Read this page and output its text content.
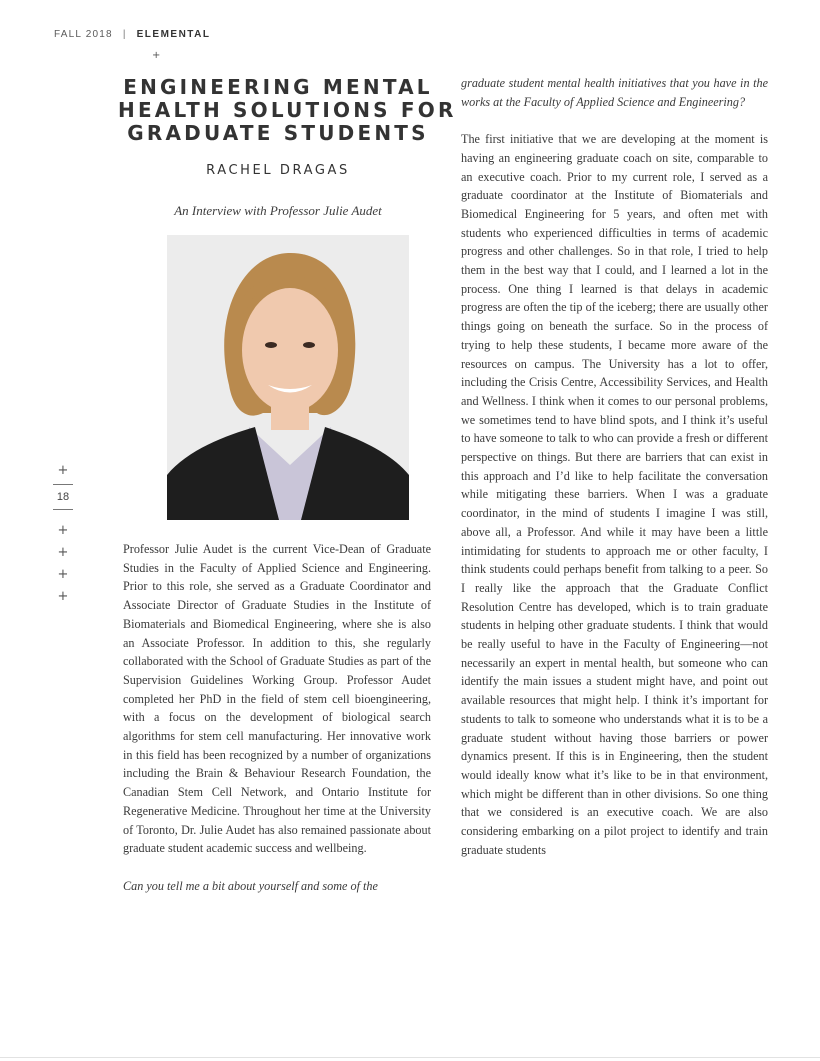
FALL 2018 | ELEMENTAL
+
+
18
+
+
+
+
ENGINEERING MENTAL
HEALTH SOLUTIONS FOR
GRADUATE STUDENTS
RACHEL DRAGAS
An Interview with Professor Julie Audet

Professor Julie Audet is the current Vice-Dean of Graduate Studies in the Faculty of Applied Science and Engineering. Prior to this role, she served as a Graduate Coordinator and Associate Director of Graduate Studies in the Institute of Biomaterials and Biomedical Engineering, where she is also an Associate Professor. In addition to this, she regularly collaborated with the School of Graduate Studies as part of the Supervision Guidelines Working Group. Professor Audet completed her PhD in the field of stem cell bioengineering, with a focus on the development of biological search algorithms for stem cell manufacturing. Her innovative work in this field has been recognized by a number of organizations including the Brain & Behaviour Research Foundation, the Canadian Stem Cell Network, and Ontario Institute for Regenerative Medicine. Throughout her time at the University of Toronto, Dr. Julie Audet has also remained passionate about graduate student academic success and wellbeing.

Can you tell me a bit about yourself and some of the

graduate student mental health initiatives that you have in the works at the Faculty of Applied Science and Engineering?

The first initiative that we are developing at the moment is having an engineering graduate coach on site, comparable to an executive coach. Prior to my current role, I served as a graduate coordinator at the Institute of Biomaterials and Biomedical Engineering for 5 years, and often met with students who experienced difficulties in terms of academic progress and other challenges. So in that role, I tried to help them in the best way that I could, and I learned a lot in the process. One thing I learned is that delays in academic progress are often the tip of the iceberg; there are usually other things going on beneath the surface. So in the process of trying to help these students, I became more aware of the resources on campus. The University has a lot to offer, including the Crisis Centre, Accessibility Services, and Health and Wellness. I think when it comes to our personal problems, we sometimes tend to have blind spots, and I think it’s useful to have someone to talk to who can provide a fresh or different perspective on things. But there are barriers that can exist in this approach and I’d like to help facilitate the conversation while mitigating these barriers. When I was a graduate coordinator, in the mind of students I imagine I was still, above all, a Professor. And while it may have been a little intimidating for students to approach me or other faculty, I think students could perhaps benefit from talking to a peer. So I really like the approach that the Graduate Conflict Resolution Centre has developed, which is to train graduate students in helping other graduate students. I think that would be really useful to have in the Faculty of Engineering—not necessarily an expert in mental health, but someone who can identify the main issues a student might have, and point out available resources that might help. I think it’s important for students to talk to someone who understands what it is to be a graduate student without having those barriers or power dynamics present. If this is in Engineering, then the student would ideally know what it’s like to be in that environment, which might be different than in other divisions. So one thing that we considered is an executive coach. We are also considering embarking on a pilot project to identify and train graduate students
